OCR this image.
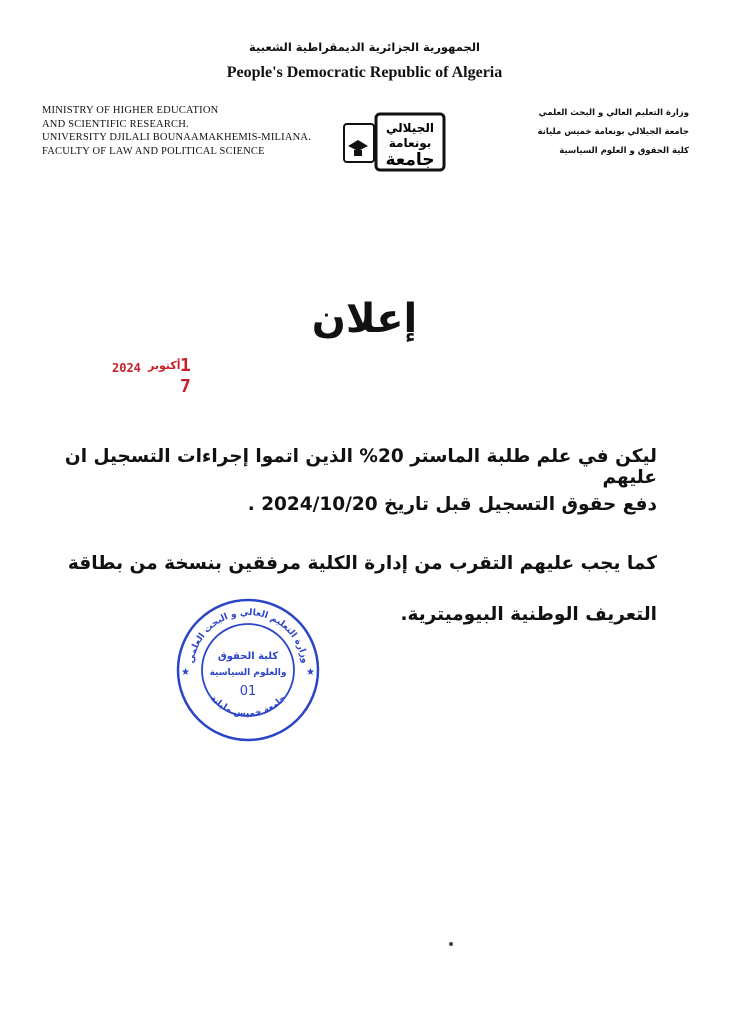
الجمهورية الجزائرية الديمقراطية الشعبية
People's Democratic Republic of Algeria
MINISTRY OF HIGHER EDUCATION
AND SCIENTIFIC RESEARCH.
UNIVERSITY DJILALI BOUNAAMAKHEMIS-MILIANA.
FACULTY OF LAW AND POLITICAL SCIENCE
وزارة التعليم العالي و البحث العلمي
جامعة الجيلالي بونعامة خميس مليانة
كلية الحقوق و العلوم السياسية
الجيلالي
بونعامة
جامعة
إعلان
2024 أكتوبر 1 7
ليكن في علم طلبة الماستر 20% الذين اتموا إجراءات التسجيل ان عليهم
دفع حقوق التسجيل قبل تاريخ 2024/10/20 .
كما يجب عليهم التقرب من إدارة الكلية مرفقين بنسخة من بطاقة
التعريف الوطنية البيوميترية.
وزارة التعليم العالي و البحث العلمي
جامعة خميس مليانة
★	★
كلية الحقوق
والعلوم السياسية
01
